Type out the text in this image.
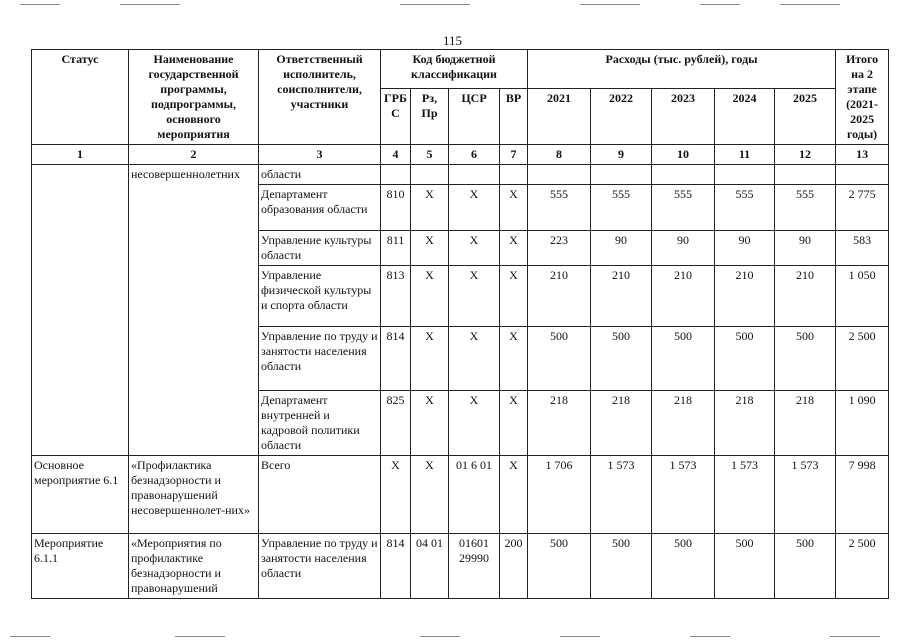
115
Статус	Наименование государственной программы, подпрограммы, основного мероприятия	Ответственный исполнитель, соисполнители, участники	Код бюджетной классификации				Расходы (тыс. рублей), годы					Итого на 2 этапе (2021-2025 годы)
			ГРБ С	Рз, Пр	ЦСР	ВР	2021	2022	2023	2024	2025	
1	2	3	4	5	6	7	8	9	10	11	12	13
	несовершеннолетних	области										
		Департамент образования области	810	X	X	X	555	555	555	555	555	2 775
		Управление культуры области	811	X	X	X	223	90	90	90	90	583
		Управление физической культуры и спорта области	813	X	X	X	210	210	210	210	210	1 050
		Управление по труду и занятости населения области	814	X	X	X	500	500	500	500	500	2 500
		Департамент внутренней и кадровой политики области	825	X	X	X	218	218	218	218	218	1 090
Основное мероприятие 6.1	«Профилактика безнадзорности и правонарушений несовершеннолет-них»	Всего	X	X	01 6 01	X	1 706	1 573	1 573	1 573	1 573	7 998
Мероприятие 6.1.1	«Мероприятия по профилактике безнадзорности и правонарушений	Управление по труду и занятости населения области	814	04 01	01601 29990	200	500	500	500	500	500	2 500
